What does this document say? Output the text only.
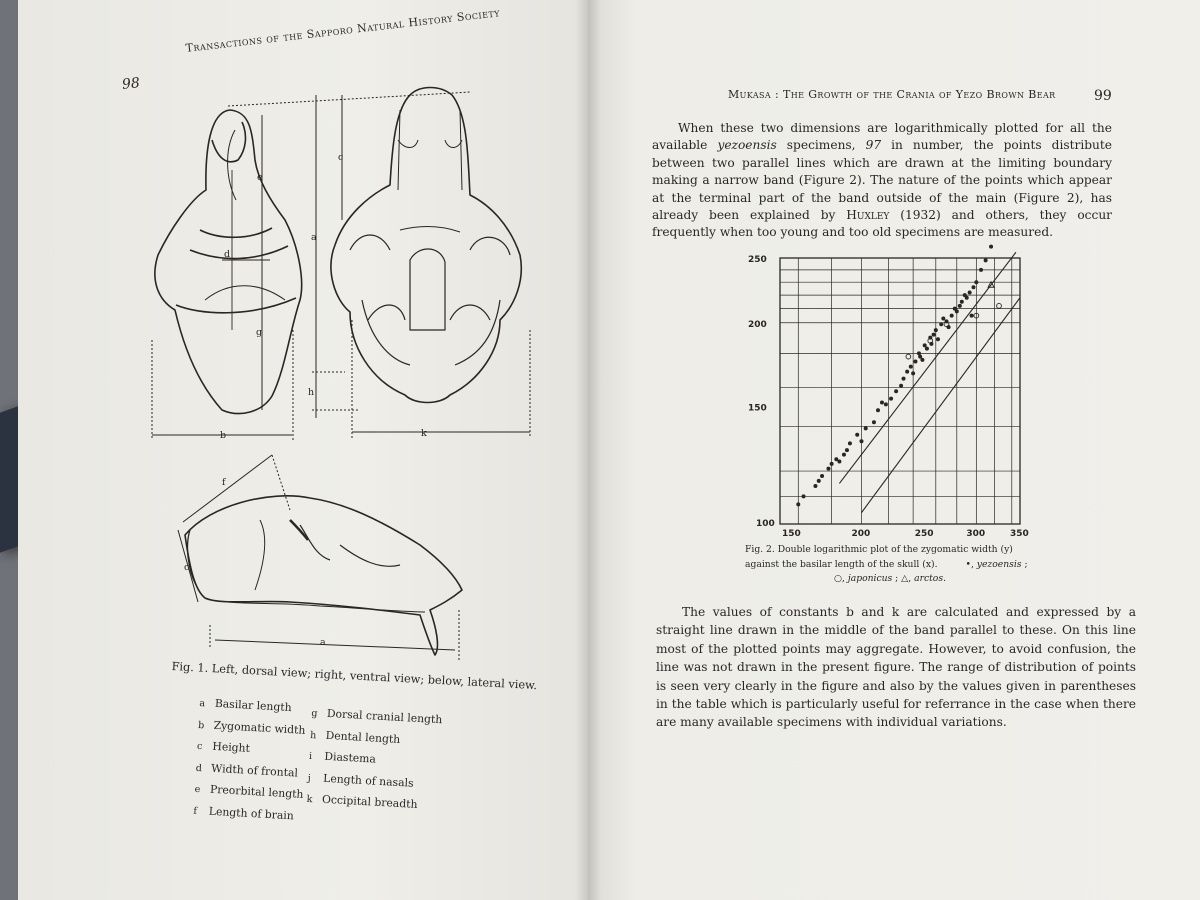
Transactions of the Sapporo Natural History Society
98
b	k
e
g
d
a
c
h
a
f
c
Fig. 1. Left, dorsal view; right, ventral view; below, lateral view.
a Basilar length
b Zygomatic width
c Height
d Width of frontal
e Preorbital length
f Length of brain
g Dorsal cranial length
h Dental length
i Diastema
j Length of nasals
k Occipital breadth
Mukasa : The Growth of the Crania of Yezo Brown Bear	99
When these two dimensions are logarithmically plotted for all the available yezoensis specimens, 97 in number, the points distribute between two parallel lines which are drawn at the limiting boundary making a narrow band (Figure 2). The nature of the points which appear at the terminal part of the band outside of the main (Figure 2), has already been explained by Huxley (1932) and others, they occur frequently when too young and too old specimens are measured.
150	200	250	300	350
150
200
250
100
Fig. 2. Double logarithmic plot of the zygomatic width (y)
against the basilar length of the skull (x).	•, yezoensis ;
○, japonicus ; △, arctos.
The values of constants b and k are calculated and expressed by a straight line drawn in the middle of the band parallel to these. On this line most of the plotted points may aggregate. However, to avoid confusion, the line was not drawn in the present figure. The range of distribution of points is seen very clearly in the figure and also by the values given in parentheses in the table which is particularly useful for referrance in the case when there are many available specimens with individual variations.
